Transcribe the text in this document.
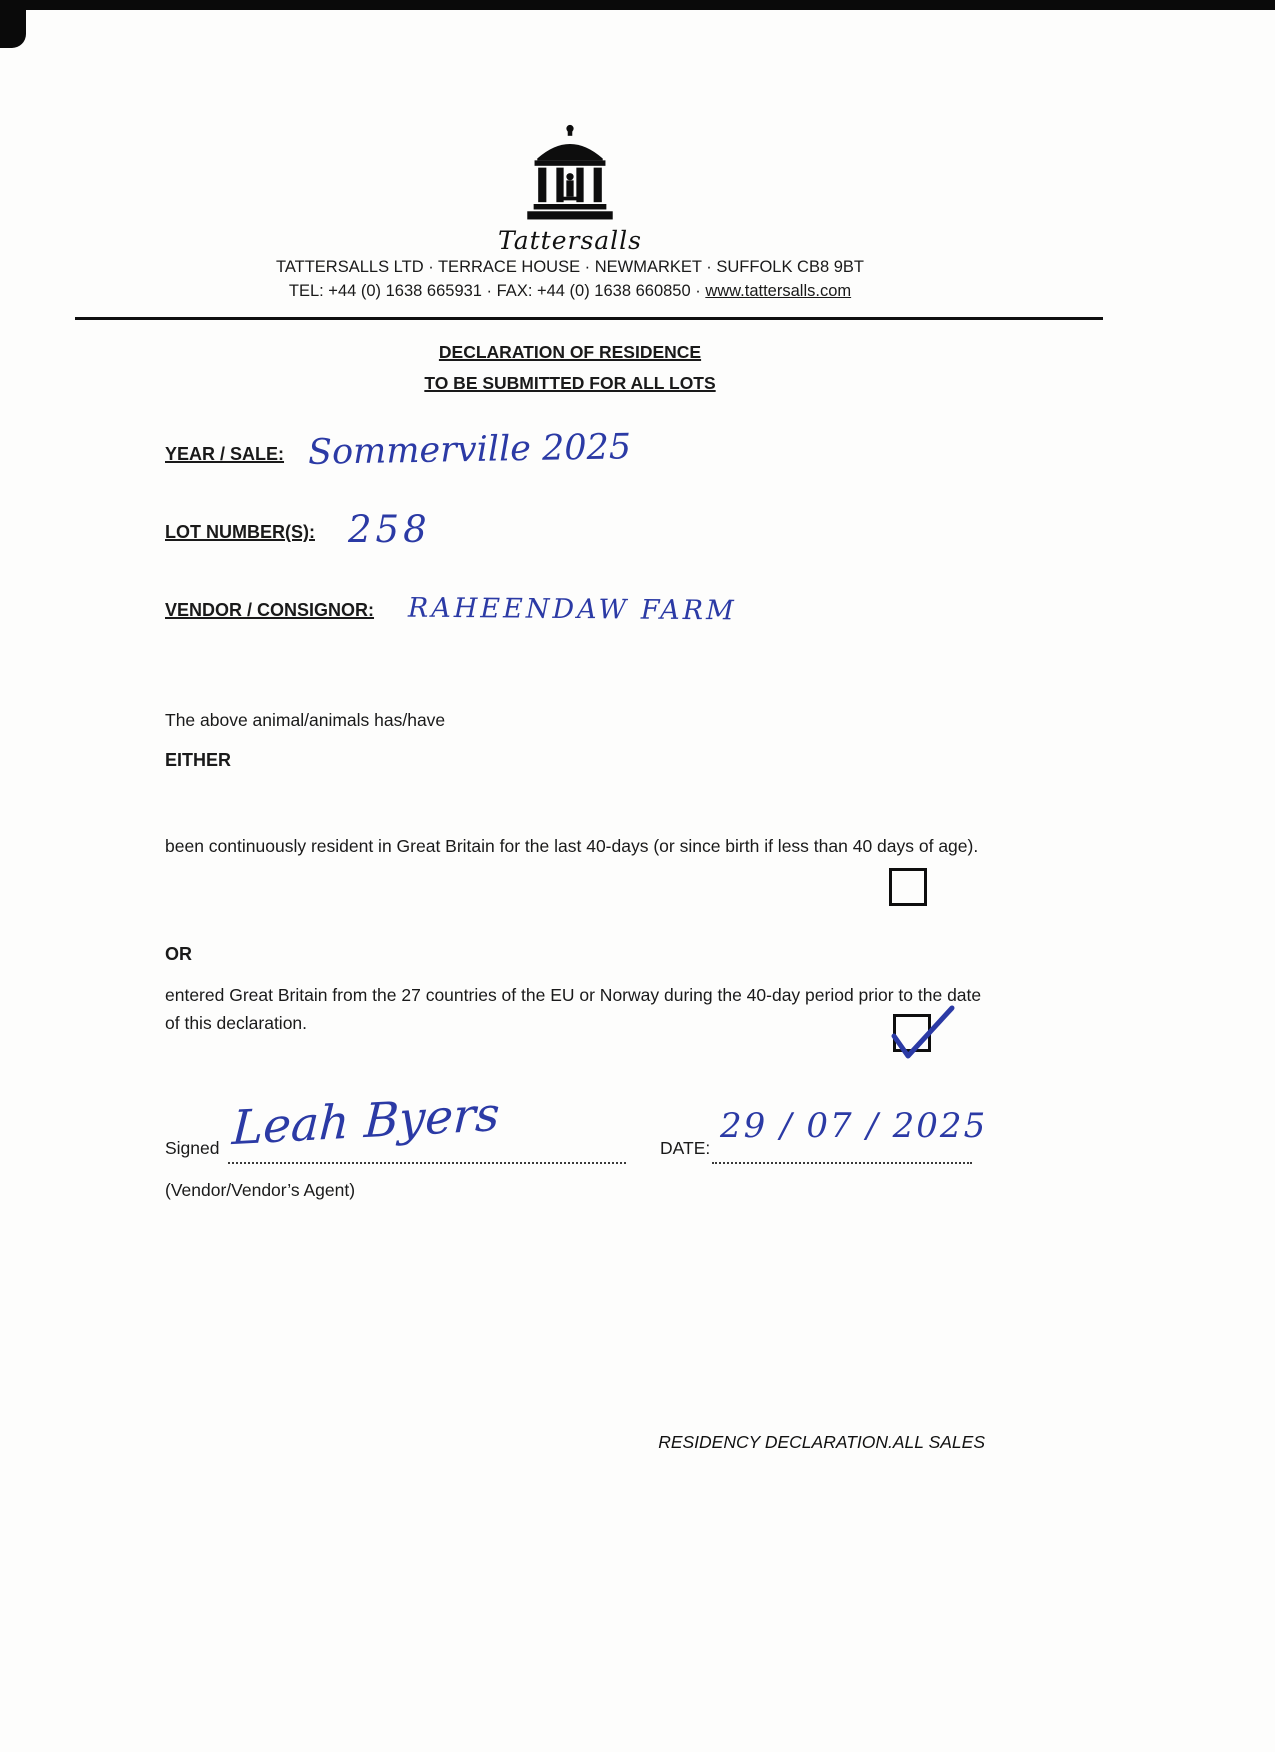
Tattersalls
TATTERSALLS LTD · TERRACE HOUSE · NEWMARKET · SUFFOLK CB8 9BT
TEL: +44 (0) 1638 665931 · FAX: +44 (0) 1638 660850 · www.tattersalls.com
DECLARATION OF RESIDENCE
TO BE SUBMITTED FOR ALL LOTS
YEAR / SALE: Sommerville 2025
LOT NUMBER(S): 258
VENDOR / CONSIGNOR: RAHEENDAW FARM
The above animal/animals has/have
EITHER
been continuously resident in Great Britain for the last 40-days (or since birth if less than 40 days of age).
OR
entered Great Britain from the 27 countries of the EU or Norway during the 40-day period prior to the date of this declaration.
Signed Leah Byers	DATE:
29 / 07 / 2025
(Vendor/Vendor’s Agent)
RESIDENCY DECLARATION.ALL SALES
